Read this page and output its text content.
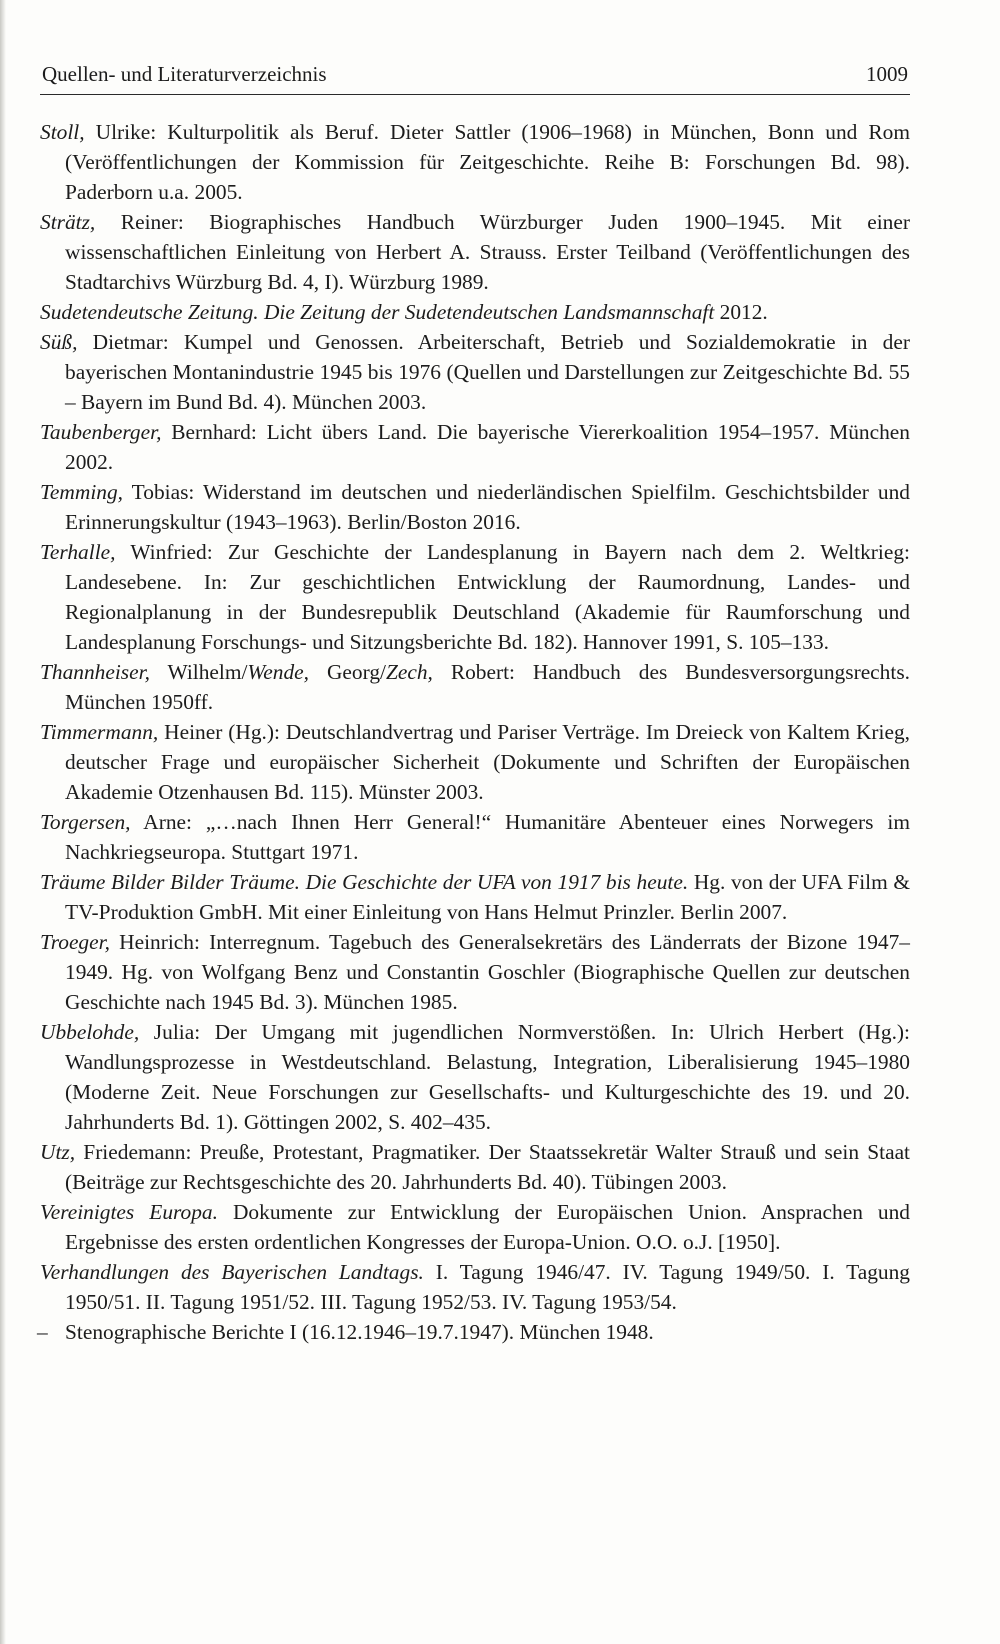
Quellen- und Literaturverzeichnis	1009

Stoll, Ulrike: Kulturpolitik als Beruf. Dieter Sattler (1906–1968) in München, Bonn und Rom (Veröffentlichungen der Kommission für Zeitgeschichte. Reihe B: Forschungen Bd. 98). Paderborn u.a. 2005.

Strätz, Reiner: Biographisches Handbuch Würzburger Juden 1900–1945. Mit einer wissenschaftlichen Einleitung von Herbert A. Strauss. Erster Teilband (Veröffentlichungen des Stadtarchivs Würzburg Bd. 4, I). Würzburg 1989.

Sudetendeutsche Zeitung. Die Zeitung der Sudetendeutschen Landsmannschaft 2012.

Süß, Dietmar: Kumpel und Genossen. Arbeiterschaft, Betrieb und Sozialdemokratie in der bayerischen Montanindustrie 1945 bis 1976 (Quellen und Darstellungen zur Zeitgeschichte Bd. 55 – Bayern im Bund Bd. 4). München 2003.

Taubenberger, Bernhard: Licht übers Land. Die bayerische Viererkoalition 1954–1957. München 2002.

Temming, Tobias: Widerstand im deutschen und niederländischen Spielfilm. Geschichtsbilder und Erinnerungskultur (1943–1963). Berlin/Boston 2016.

Terhalle, Winfried: Zur Geschichte der Landesplanung in Bayern nach dem 2. Weltkrieg: Landesebene. In: Zur geschichtlichen Entwicklung der Raumordnung, Landes- und Regionalplanung in der Bundesrepublik Deutschland (Akademie für Raumforschung und Landesplanung Forschungs- und Sitzungsberichte Bd. 182). Hannover 1991, S. 105–133.

Thannheiser, Wilhelm/Wende, Georg/Zech, Robert: Handbuch des Bundesversorgungsrechts. München 1950ff.

Timmermann, Heiner (Hg.): Deutschlandvertrag und Pariser Verträge. Im Dreieck von Kaltem Krieg, deutscher Frage und europäischer Sicherheit (Dokumente und Schriften der Europäischen Akademie Otzenhausen Bd. 115). Münster 2003.

Torgersen, Arne: „…nach Ihnen Herr General!“ Humanitäre Abenteuer eines Norwegers im Nachkriegseuropa. Stuttgart 1971.

Träume Bilder Bilder Träume. Die Geschichte der UFA von 1917 bis heute. Hg. von der UFA Film & TV-Produktion GmbH. Mit einer Einleitung von Hans Helmut Prinzler. Berlin 2007.

Troeger, Heinrich: Interregnum. Tagebuch des Generalsekretärs des Länderrats der Bizone 1947–1949. Hg. von Wolfgang Benz und Constantin Goschler (Biographische Quellen zur deutschen Geschichte nach 1945 Bd. 3). München 1985.

Ubbelohde, Julia: Der Umgang mit jugendlichen Normverstößen. In: Ulrich Herbert (Hg.): Wandlungsprozesse in Westdeutschland. Belastung, Integration, Liberalisierung 1945–1980 (Moderne Zeit. Neue Forschungen zur Gesellschafts- und Kulturgeschichte des 19. und 20. Jahrhunderts Bd. 1). Göttingen 2002, S. 402–435.

Utz, Friedemann: Preuße, Protestant, Pragmatiker. Der Staatssekretär Walter Strauß und sein Staat (Beiträge zur Rechtsgeschichte des 20. Jahrhunderts Bd. 40). Tübingen 2003.

Vereinigtes Europa. Dokumente zur Entwicklung der Europäischen Union. Ansprachen und Ergebnisse des ersten ordentlichen Kongresses der Europa-Union. O.O. o.J. [1950].

Verhandlungen des Bayerischen Landtags. I. Tagung 1946/47. IV. Tagung 1949/50. I. Tagung 1950/51. II. Tagung 1951/52. III. Tagung 1952/53. IV. Tagung 1953/54.

– Stenographische Berichte I (16.12.1946–19.7.1947). München 1948.
